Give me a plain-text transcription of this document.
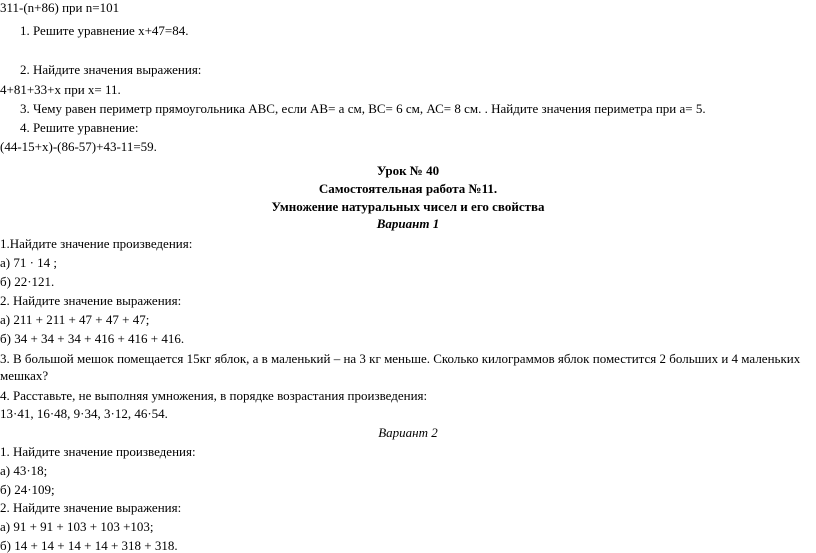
311-(n+86) при n=101
1. Решите уравнение х+47=84.
2. Найдите значения выражения:
4+81+33+х при х= 11.
3. Чему равен периметр прямоугольника АВС, если АВ= а см, ВС= 6 см, АС= 8 см. . Найдите значения периметра при а= 5.
4. Решите уравнение:
(44-15+х)-(86-57)+43-11=59.
Урок № 40
Самостоятельная работа №11.
Умножение натуральных чисел и его свойства
Вариант 1
1.Найдите значение произведения:
а) 71 · 14 ;
б) 22·121.
2. Найдите значение выражения:
а) 211 + 211 + 47 + 47 + 47;
б) 34 + 34 + 34 + 416 + 416 + 416.
3. В большой мешок помещается 15кг яблок, а в маленький – на 3 кг меньше. Сколько килограммов яблок поместится 2 больших и 4 маленьких мешках?
4. Расставьте, не выполняя умножения, в порядке возрастания произведения:
13·41, 16·48, 9·34, 3·12, 46·54.
Вариант 2
1. Найдите значение произведения:
а) 43·18;
б) 24·109;
2. Найдите значение выражения:
а) 91 + 91 + 103 + 103 +103;
б) 14 + 14 + 14 + 14 + 318 + 318.
